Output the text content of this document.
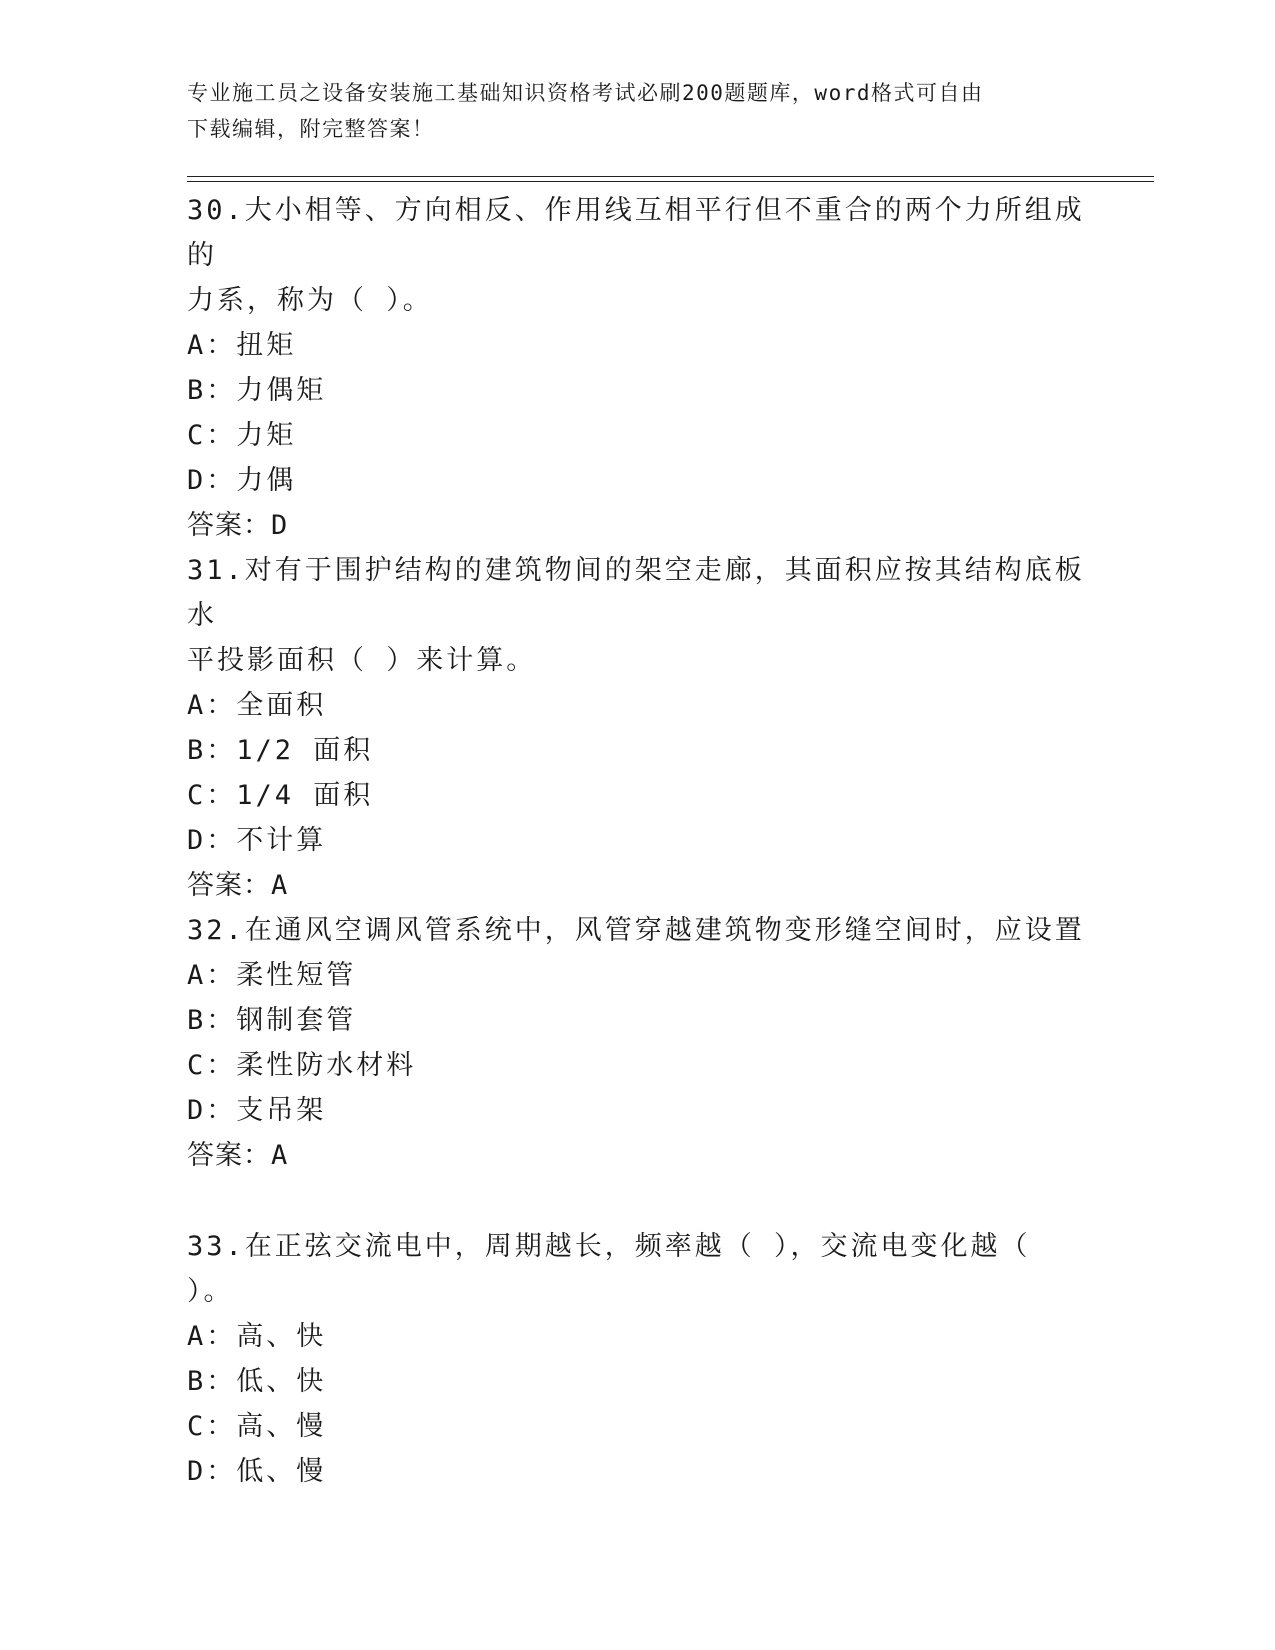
专业施工员之设备安装施工基础知识资格考试必刷200题题库，word格式可自由
下载编辑，附完整答案！

30.大小相等、方向相反、作用线互相平行但不重合的两个力所组成的

力系，称为（ ）。

A： 扭矩

B： 力偶矩

C： 力矩

D： 力偶

答案： D

31.对有于围护结构的建筑物间的架空走廊，其面积应按其结构底板水

平投影面积（ ）来计算。

A： 全面积

B： 1/2 面积

C： 1/4 面积

D： 不计算

答案： A

32.在通风空调风管系统中，风管穿越建筑物变形缝空间时，应设置

A： 柔性短管

B： 钢制套管

C： 柔性防水材料

D： 支吊架

答案： A

33.在正弦交流电中，周期越长，频率越（ ），交流电变化越（ ）。

A： 高、快

B： 低、快

C： 高、慢

D： 低、慢
